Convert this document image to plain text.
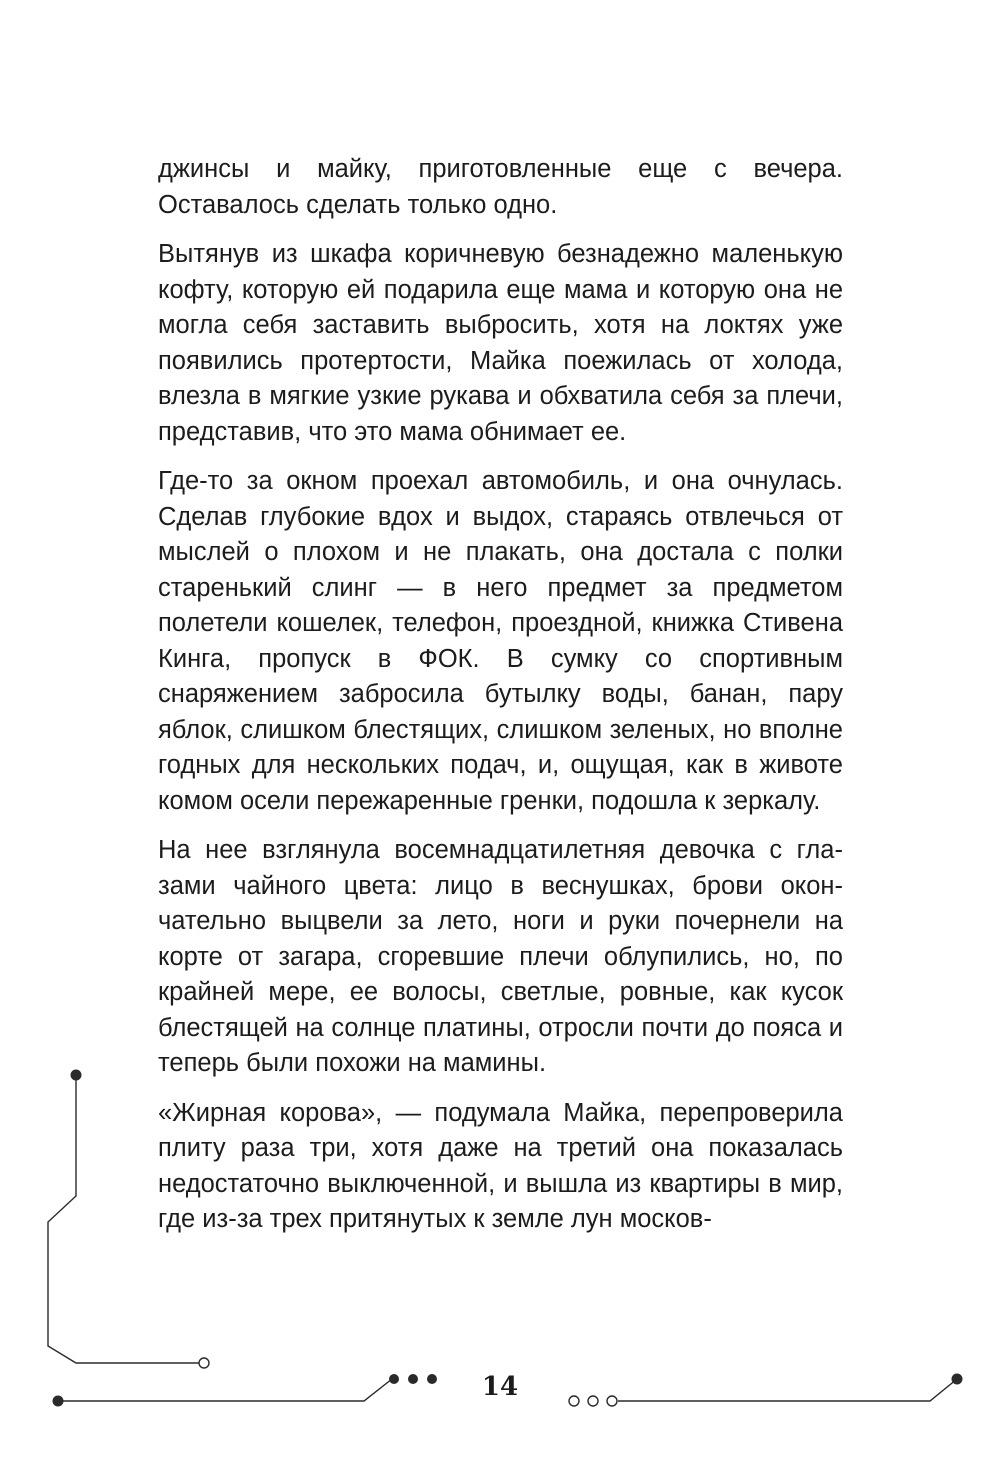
джинсы и майку, приготовленные еще с вечера. Оставалось сделать только одно.

Вытянув из шкафа коричневую безнадежно маленькую кофту, которую ей подарила еще мама и которую она не могла себя заставить выбросить, хотя на локтях уже появились протертости, Майка поежилась от холода, влезла в мягкие узкие рукава и обхватила себя за плечи, представив, что это мама обнимает ее.

Где-то за окном проехал автомобиль, и она очнулась. Сделав глубокие вдох и выдох, стараясь отвлечься от мыслей о плохом и не плакать, она достала с полки старенький слинг — в него предмет за предметом полетели кошелек, телефон, проездной, книжка Стивена Кинга, пропуск в ФОК. В сумку со спортивным снаряжением забросила бутылку воды, банан, пару яблок, слишком блестящих, слишком зеленых, но вполне годных для нескольких подач, и, ощущая, как в животе комом осели пережаренные гренки, подошла к зеркалу.

На нее взглянула восемнадцатилетняя девочка с глазами чайного цвета: лицо в веснушках, брови окончательно выцвели за лето, ноги и руки почернели на корте от загара, сгоревшие плечи облупились, но, по крайней мере, ее волосы, светлые, ровные, как кусок блестящей на солнце платины, отросли почти до пояса и теперь были похожи на мамины.

«Жирная корова», — подумала Майка, перепроверила плиту раза три, хотя даже на третий она показалась недостаточно выключенной, и вышла из квартиры в мир, где из-за трех притянутых к земле лун москов-

14
